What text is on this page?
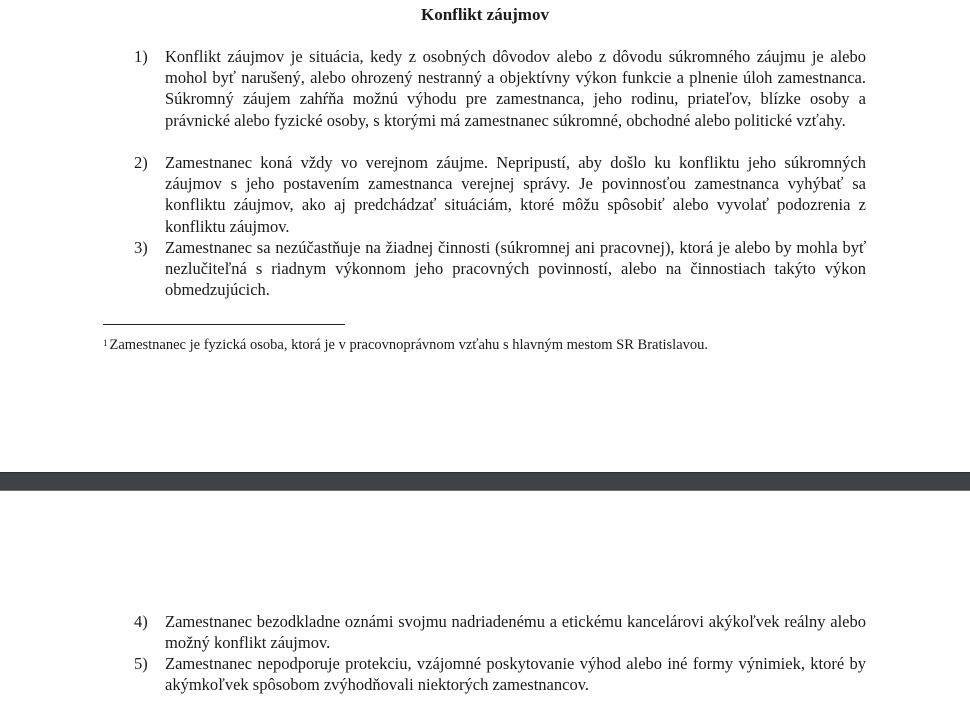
Konflikt záujmov
1)	Konflikt záujmov je situácia, kedy z osobných dôvodov alebo z dôvodu súkromného záujmu je alebo mohol byť narušený, alebo ohrozený nestranný a objektívny výkon funkcie a plnenie úloh zamestnanca. Súkromný záujem zahŕňa možnú výhodu pre zamestnanca, jeho rodinu, priateľov, blízke osoby a právnické alebo fyzické osoby, s ktorými má zamestnanec súkromné, obchodné alebo politické vzťahy.
2)	Zamestnanec koná vždy vo verejnom záujme. Nepripustí, aby došlo ku konfliktu jeho súkromných záujmov s jeho postavením zamestnanca verejnej správy. Je povinnosťou zamestnanca vyhýbať sa konfliktu záujmov, ako aj predchádzať situáciám, ktoré môžu spôsobiť alebo vyvolať podozrenia z konfliktu záujmov.
3)	Zamestnanec sa nezúčastňuje na žiadnej činnosti (súkromnej ani pracovnej), ktorá je alebo by mohla byť nezlučiteľná s riadnym výkonnom jeho pracovných povinností, alebo na činnostiach takýto výkon obmedzujúcich.
$^1$ Zamestnanec je fyzická osoba, ktorá je v pracovnoprávnom vzťahu s hlavným mestom SR Bratislavou.
4)	Zamestnanec bezodkladne oznámi svojmu nadriadenému a etickému kancelárovi akýkoľvek reálny alebo možný konflikt záujmov.
5)	Zamestnanec nepodporuje protekciu, vzájomné poskytovanie výhod alebo iné formy výnimiek, ktoré by akýmkoľvek spôsobom zvýhodňovali niektorých zamestnancov.
